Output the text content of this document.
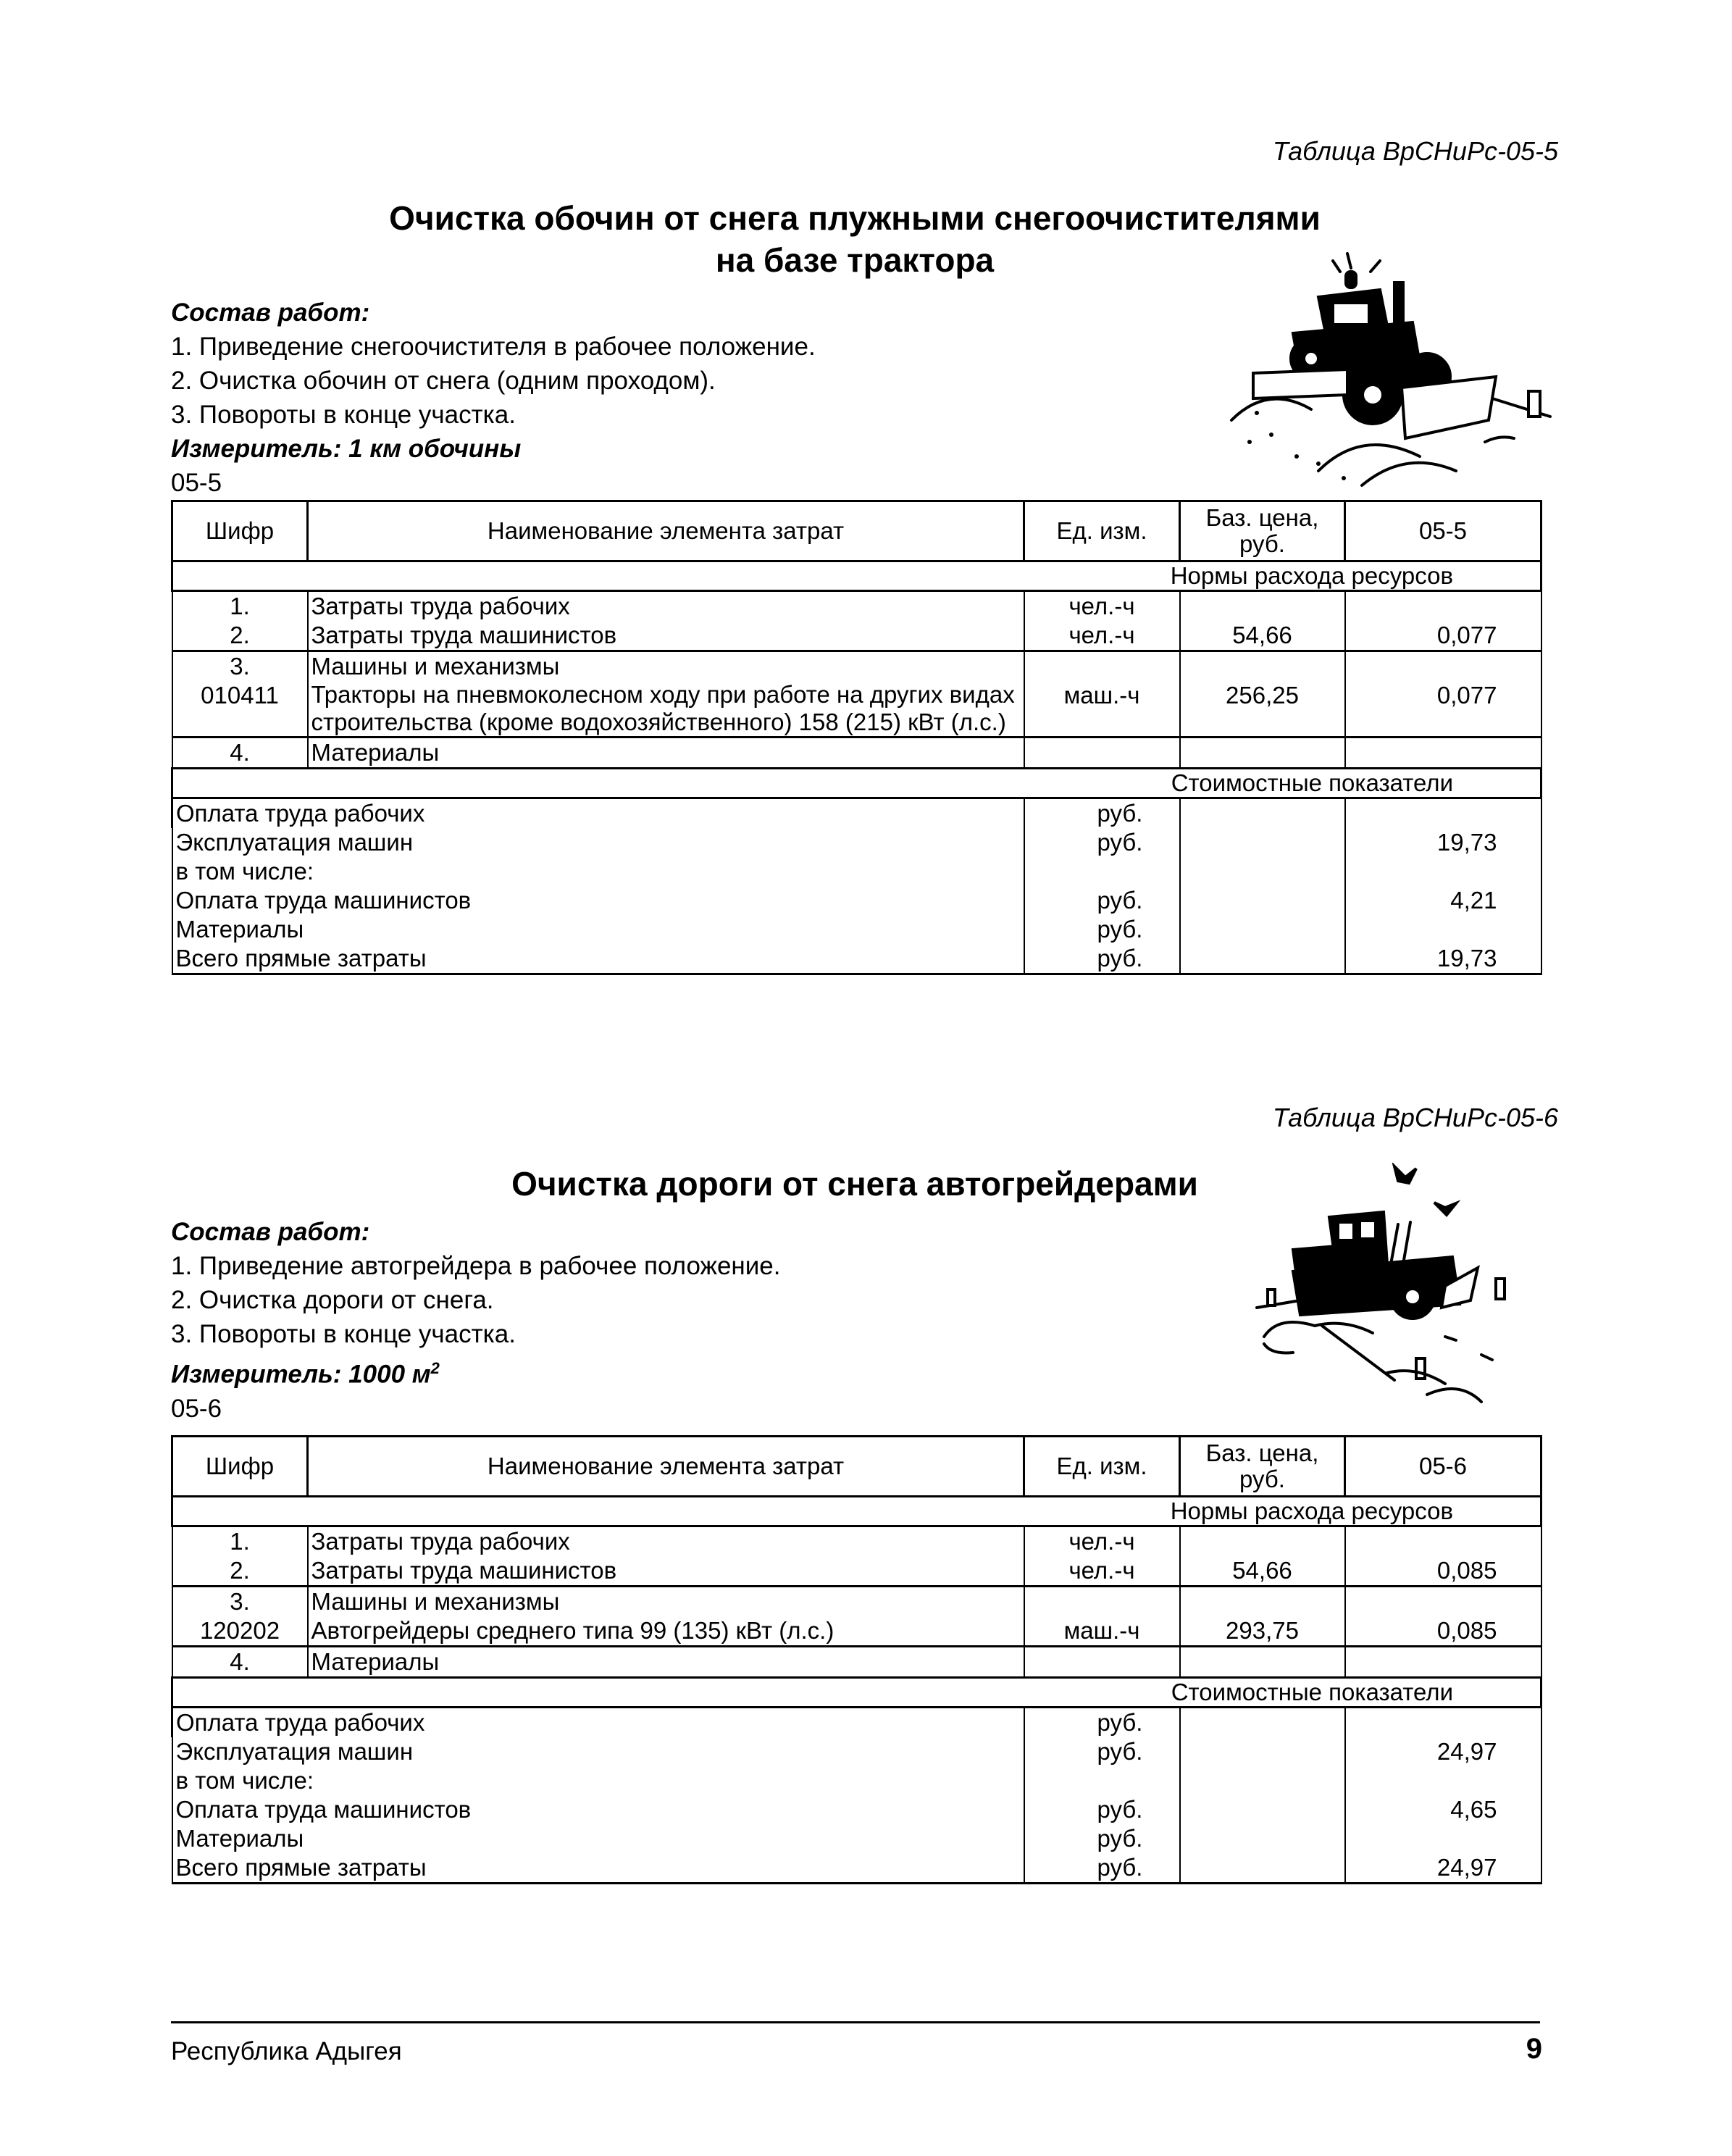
Таблица ВрСНиРс-05-5
Очистка обочин от снега плужными снегоочистителями
на базе трактора
Состав работ:
1. Приведение снегоочистителя в рабочее положение.
2. Очистка обочин от снега (одним проходом).
3. Повороты в конце участка.
Измеритель: 1 км обочины
05-5
Шифр	Наименование элемента затрат	Ед. изм.	Баз. цена, руб.	05-5
Нормы расхода ресурсов				
1.	Затраты труда рабочих	чел.-ч		
2.	Затраты труда машинистов	чел.-ч	54,66	0,077
3.	Машины и механизмы			
010411	Тракторы на пневмоколесном ходу при работе на других видах строительства (кроме водохозяйственного) 158 (215) кВт (л.с.)	маш.-ч	256,25	0,077
4.	Материалы			
Стоимостные показатели				
Оплата труда рабочих		руб.		
Эксплуатация машин		руб.		19,73
в том числе:				
Оплата труда машинистов		руб.		4,21
Материалы		руб.		
Всего прямые затраты		руб.		19,73
Таблица ВрСНиРс-05-6
Очистка дороги от снега автогрейдерами
Состав работ:
1. Приведение автогрейдера в рабочее положение.
2. Очистка дороги от снега.
3. Повороты в конце участка.
Измеритель: 1000 $м^2$
05-6
Шифр	Наименование элемента затрат	Ед. изм.	Баз. цена, руб.	05-6
Нормы расхода ресурсов				
1.	Затраты труда рабочих	чел.-ч		
2.	Затраты труда машинистов	чел.-ч	54,66	0,085
3.	Машины и механизмы			
120202	Автогрейдеры среднего типа 99 (135) кВт (л.с.)	маш.-ч	293,75	0,085
4.	Материалы			
Стоимостные показатели				
Оплата труда рабочих		руб.		
Эксплуатация машин		руб.		24,97
в том числе:				
Оплата труда машинистов		руб.		4,65
Материалы		руб.		
Всего прямые затраты		руб.		24,97
Республика Адыгея	9
